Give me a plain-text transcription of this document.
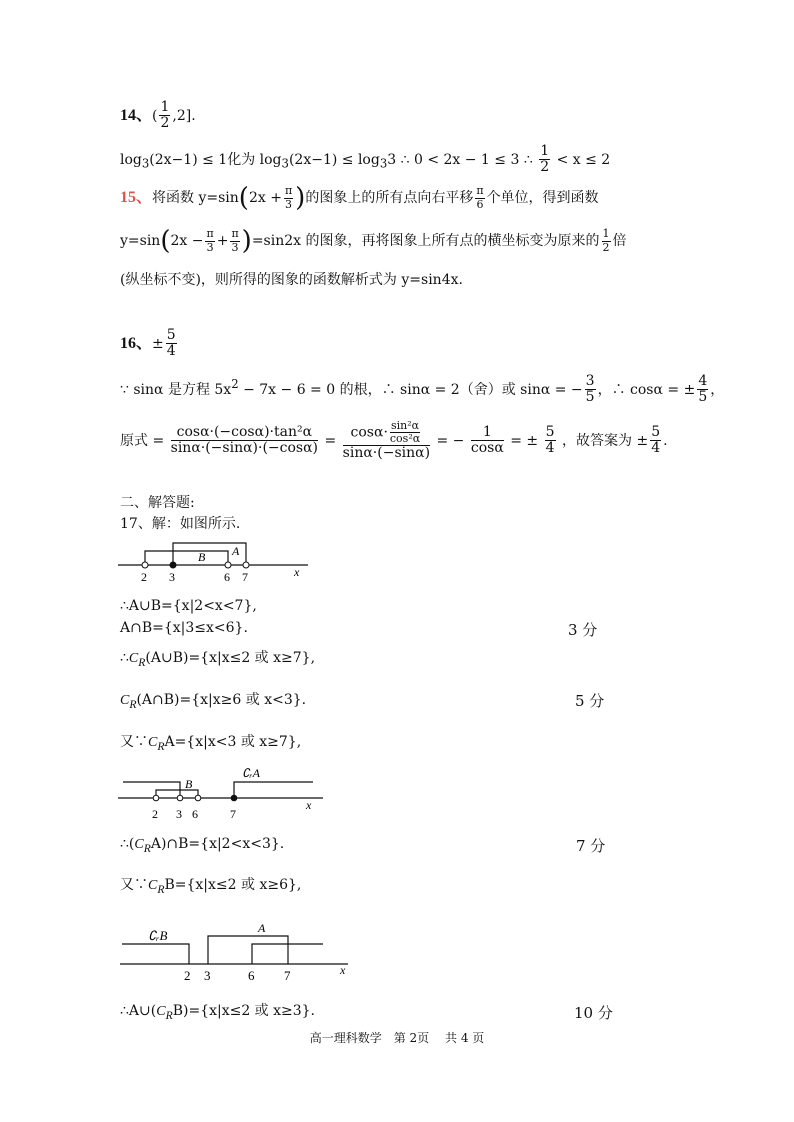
14、( $\frac{1}{2} ,2$].
$\log_3(2x-1) \le 1$化为 $\log_3(2x-1) \le \log_33$ ∴ 0 < 2x − 1 ≤ 3 ∴ $\frac{1}{2} < x \le 2$
15、将函数 $y=\sin(2x + \frac{\pi}{3}$ )的图象上的所有点向右平移 $\frac{\pi}{6}$ 个单位，得到函数
$y=\sin(2x - \frac{\pi}{3} + \frac{\pi}{3} )=\sin 2x$ 的图象，再将图象上所有点的横坐标变为原来的 $\frac{1}{2}$ 倍
(纵坐标不变)，则所得的图象的函数解析式为 y=sin4x.
16、± $\frac{5}{4}$
∵ sinα 是方程 $5x^2 - 7x - 6 = 0$ 的根，∴ sinα = 2（舍）或 sinα = − $\frac{3}{5}$ ，∴ cosα = ± $\frac{4}{5}$ ，
原式 = $\frac{\text{cosα·(−cosα)·tan²α}}{\sin\alpha\cdot(-\sin\alpha)\cdot(-\cos\alpha)} = \frac{\cos\alpha\cdot \frac{\text{sin²α}}{\text{cos²α}}}{\sin\alpha\cdot(-\sin\alpha)}$ = − $\frac{1}{\cos\alpha}$ = ± $\frac{5}{4}$ ，故答案为 ± $\frac{5}{4}$ .
二、解答题:
17、解：如图所示.
B A
2 3	6 7	x
∴A∪B={x|2<x<7},
A∩B={x|3≤x<6}.	3 分
$\therefore C_R(A\cup B)=\{x|x\le 2$ 或 x≥7},
$C_R(A\cap B)=\{x|x\ge 6$ 或 x<3}.	5 分
又$\because C_RA=\{x|x<3$ 或 x≥7},
B
∁ᵣA
2 3 6	7
x
$\therefore(C_RA)\cap B=\{x|2<x<3\}$.	7 分
又$\because C_RB=\{x|x\le 2$ 或 x≥6},
∁ᵣB	A
2 3	6 7	x
$\therefore A\cup(C_RB)=\{x|x\le 2$ 或 x≥3}.	10 分
高一理科数学　第 2页　 共 4 页
